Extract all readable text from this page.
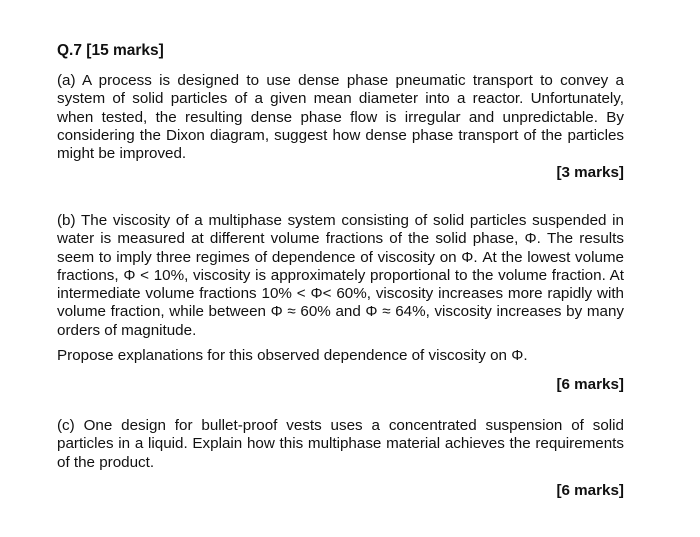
Q.7 [15 marks]

(a) A process is designed to use dense phase pneumatic transport to convey a system of solid particles of a given mean diameter into a reactor. Unfortunately, when tested, the resulting dense phase flow is irregular and unpredictable. By considering the Dixon diagram, suggest how dense phase transport of the particles might be improved.

[3 marks]

(b) The viscosity of a multiphase system consisting of solid particles suspended in water is measured at different volume fractions of the solid phase, Φ. The results seem to imply three regimes of dependence of viscosity on Φ. At the lowest volume fractions, Φ < 10%, viscosity is approximately proportional to the volume fraction. At intermediate volume fractions 10% < Φ< 60%, viscosity increases more rapidly with volume fraction, while between Φ ≈ 60% and Φ ≈ 64%, viscosity increases by many orders of magnitude.

Propose explanations for this observed dependence of viscosity on Φ.

[6 marks]

(c) One design for bullet-proof vests uses a concentrated suspension of solid particles in a liquid. Explain how this multiphase material achieves the requirements of the product.

[6 marks]
